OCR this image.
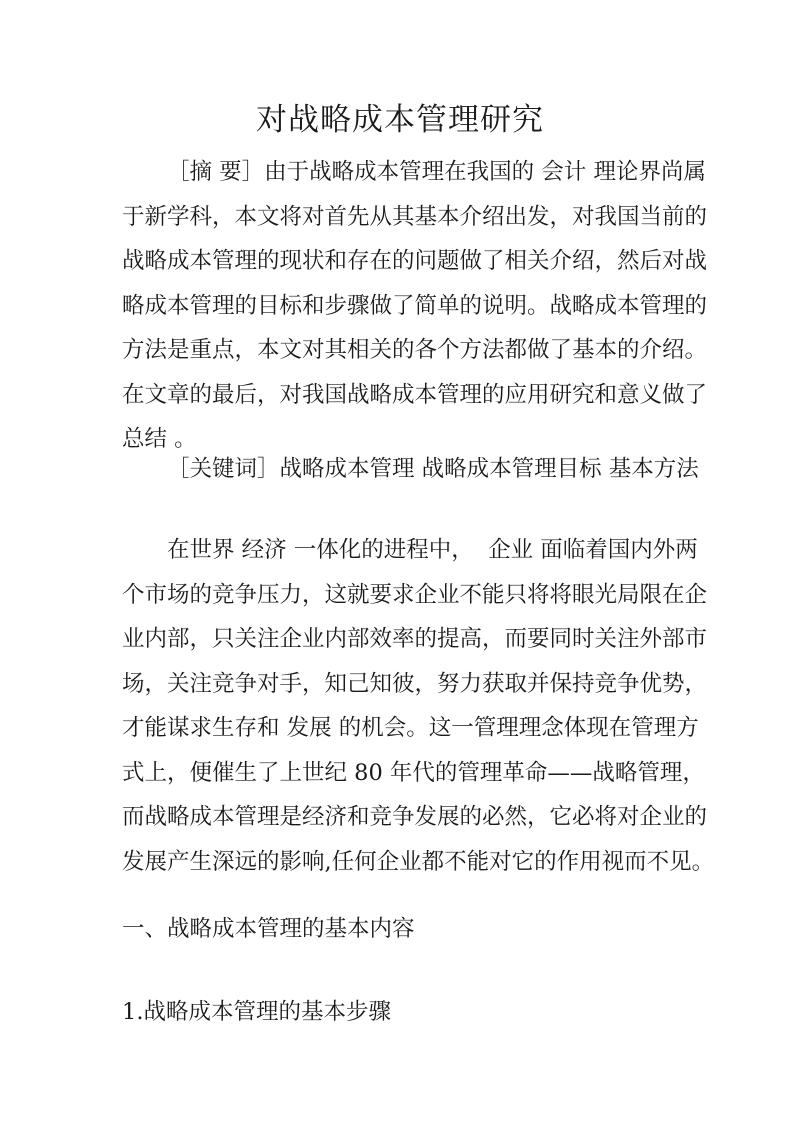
对战略成本管理研究
［摘 要］由于战略成本管理在我国的 会计 理论界尚属
于新学科，本文将对首先从其基本介绍出发，对我国当前的
战略成本管理的现状和存在的问题做了相关介绍，然后对战
略成本管理的目标和步骤做了简单的说明。战略成本管理的
方法是重点，本文对其相关的各个方法都做了基本的介绍。
在文章的最后，对我国战略成本管理的应用研究和意义做了
总结 。
［关键词］战略成本管理 战略成本管理目标 基本方法
在世界 经济 一体化的进程中，  企业 面临着国内外两
个市场的竞争压力，这就要求企业不能只将将眼光局限在企
业内部，只关注企业内部效率的提高，而要同时关注外部市
场，关注竞争对手，知己知彼，努力获取并保持竞争优势，
才能谋求生存和 发展 的机会。这一管理理念体现在管理方
式上，便催生了上世纪 80 年代的管理革命——战略管理，
而战略成本管理是经济和竞争发展的必然，它必将对企业的
发展产生深远的影响,任何企业都不能对它的作用视而不见。
一、战略成本管理的基本内容
1.战略成本管理的基本步骤
